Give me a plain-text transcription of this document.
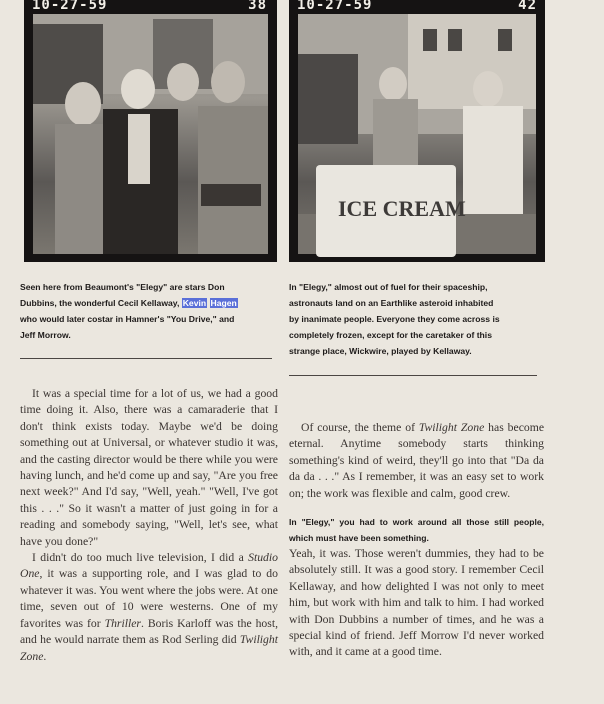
10-27-59	38 10-27-59	42
ICE CREAM
Seen here from Beaumont's "Elegy" are stars Don
Dubbins, the wonderful Cecil Kellaway, Kevin Hagen
who would later costar in Hamner's "You Drive," and
Jeff Morrow.
In "Elegy," almost out of fuel for their spaceship,
astronauts land on an Earthlike asteroid inhabited
by inanimate people. Everyone they come across is
completely frozen, except for the caretaker of this
strange place, Wickwire, played by Kellaway.

It was a special time for a lot of us, we had a good time doing it. Also, there was a camaraderie that I don't think exists today. Maybe we'd be doing something out at Universal, or whatever studio it was, and the casting director would be there while you were having lunch, and he'd come up and say, "Are you free next week?" And I'd say, "Well, yeah." "Well, I've got this . . ." So it wasn't a matter of just going in for a reading and somebody saying, "Well, let's see, what have you done?"

I didn't do too much live television, I did a Studio One, it was a supporting role, and I was glad to do whatever it was. You went where the jobs were. At one time, seven out of 10 were westerns. One of my favorites was for Thriller. Boris Karloff was the host, and he would narrate them as Rod Serling did Twilight Zone.

Of course, the theme of Twilight Zone has become eternal. Anytime somebody starts thinking something's kind of weird, they'll go into that "Da da da da . . ." As I remember, it was an easy set to work on; the work was flexible and calm, good crew.

In "Elegy," you had to work around all those still people, which must have been something.

Yeah, it was. Those weren't dummies, they had to be absolutely still. It was a good story. I remember Cecil Kellaway, and how delighted I was not only to meet him, but work with him and talk to him. I had worked with Don Dubbins a number of times, and he was a special kind of friend. Jeff Morrow I'd never worked with, and it came at a good time.
